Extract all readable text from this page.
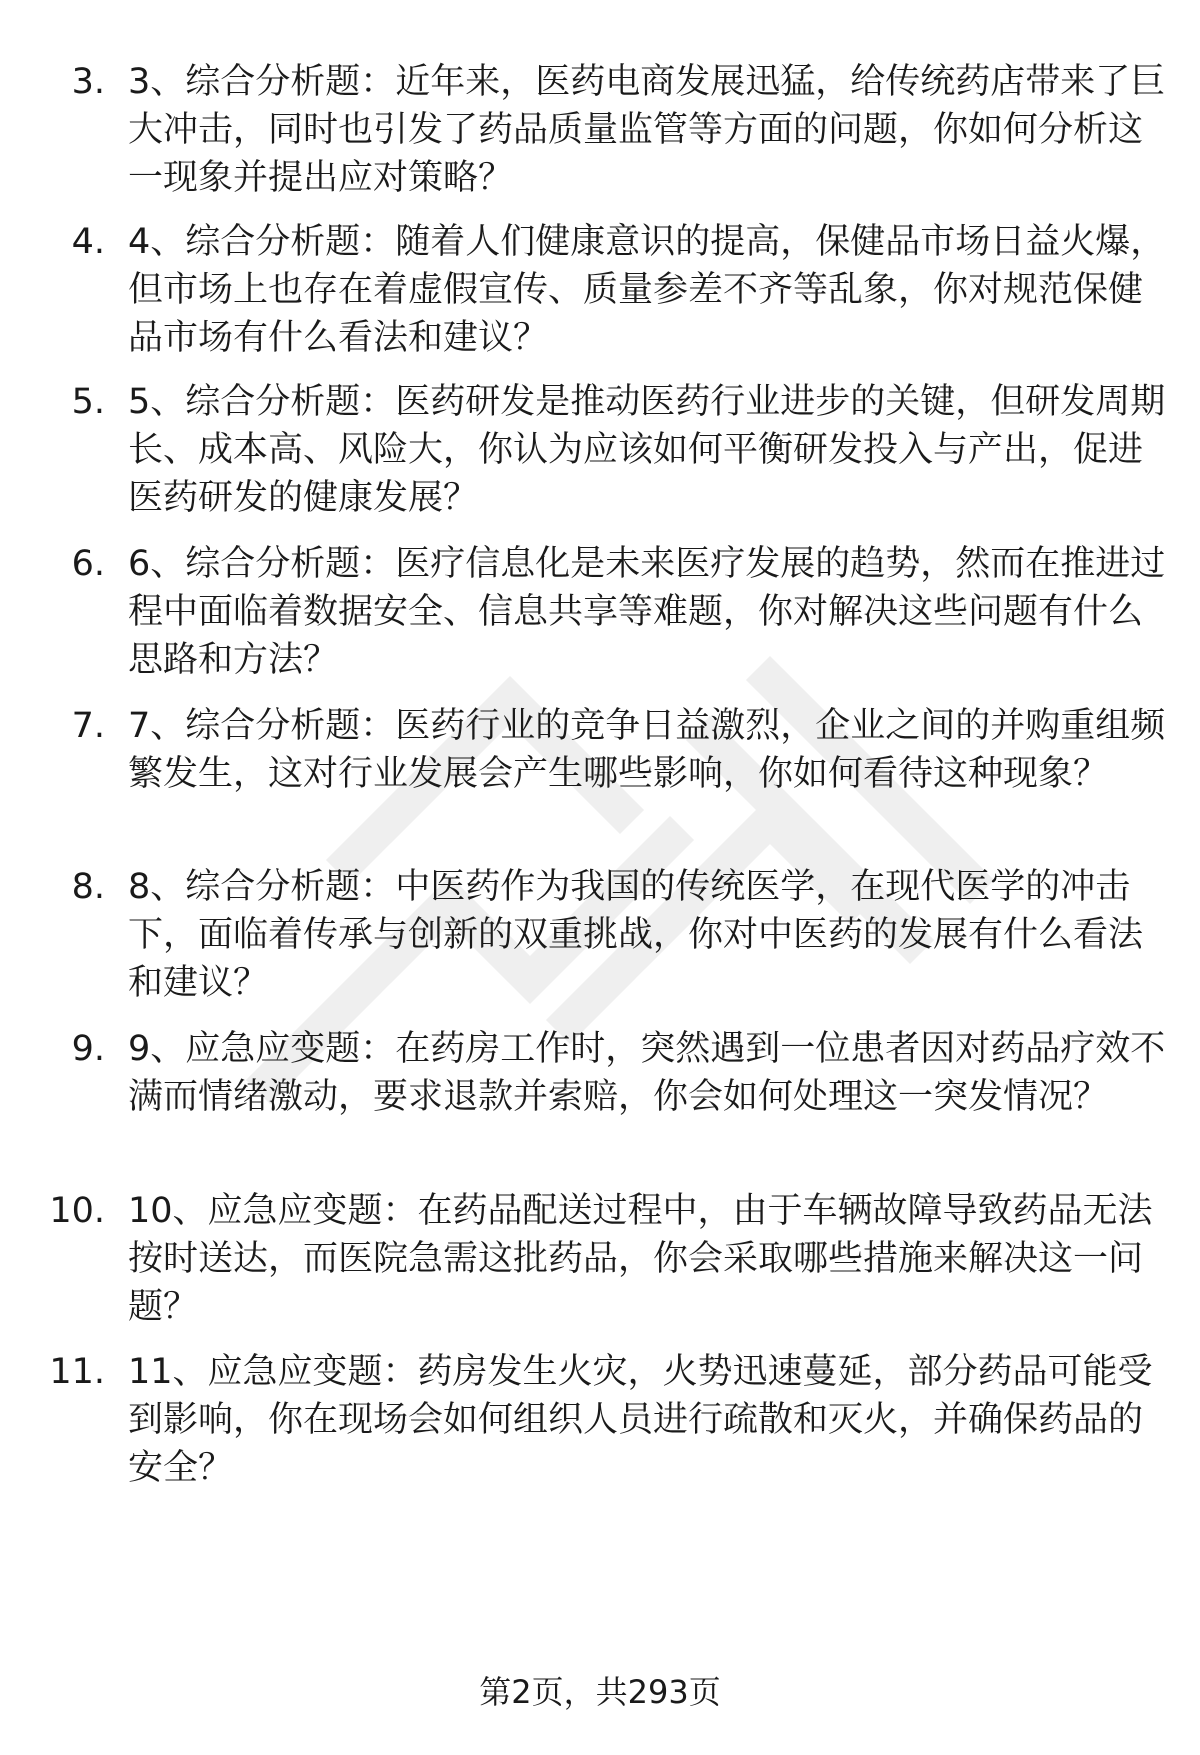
3. 3、综合分析题：近年来，医药电商发展迅猛，给传统药店带来了巨大冲击，同时也引发了药品质量监管等方面的问题，你如何分析这一现象并提出应对策略？
4. 4、综合分析题：随着人们健康意识的提高，保健品市场日益火爆，但市场上也存在着虚假宣传、质量参差不齐等乱象，你对规范保健品市场有什么看法和建议？
5. 5、综合分析题：医药研发是推动医药行业进步的关键，但研发周期长、成本高、风险大，你认为应该如何平衡研发投入与产出，促进医药研发的健康发展？
6. 6、综合分析题：医疗信息化是未来医疗发展的趋势，然而在推进过程中面临着数据安全、信息共享等难题，你对解决这些问题有什么思路和方法？
7. 7、综合分析题：医药行业的竞争日益激烈，企业之间的并购重组频繁发生，这对行业发展会产生哪些影响，你如何看待这种现象？
8. 8、综合分析题：中医药作为我国的传统医学，在现代医学的冲击下，面临着传承与创新的双重挑战，你对中医药的发展有什么看法和建议？
9. 9、应急应变题：在药房工作时，突然遇到一位患者因对药品疗效不满而情绪激动，要求退款并索赔，你会如何处理这一突发情况？
10. 10、应急应变题：在药品配送过程中，由于车辆故障导致药品无法按时送达，而医院急需这批药品，你会采取哪些措施来解决这一问题？
11. 11、应急应变题：药房发生火灾，火势迅速蔓延，部分药品可能受到影响，你在现场会如何组织人员进行疏散和灭火，并确保药品的安全？
第2页，共293页
